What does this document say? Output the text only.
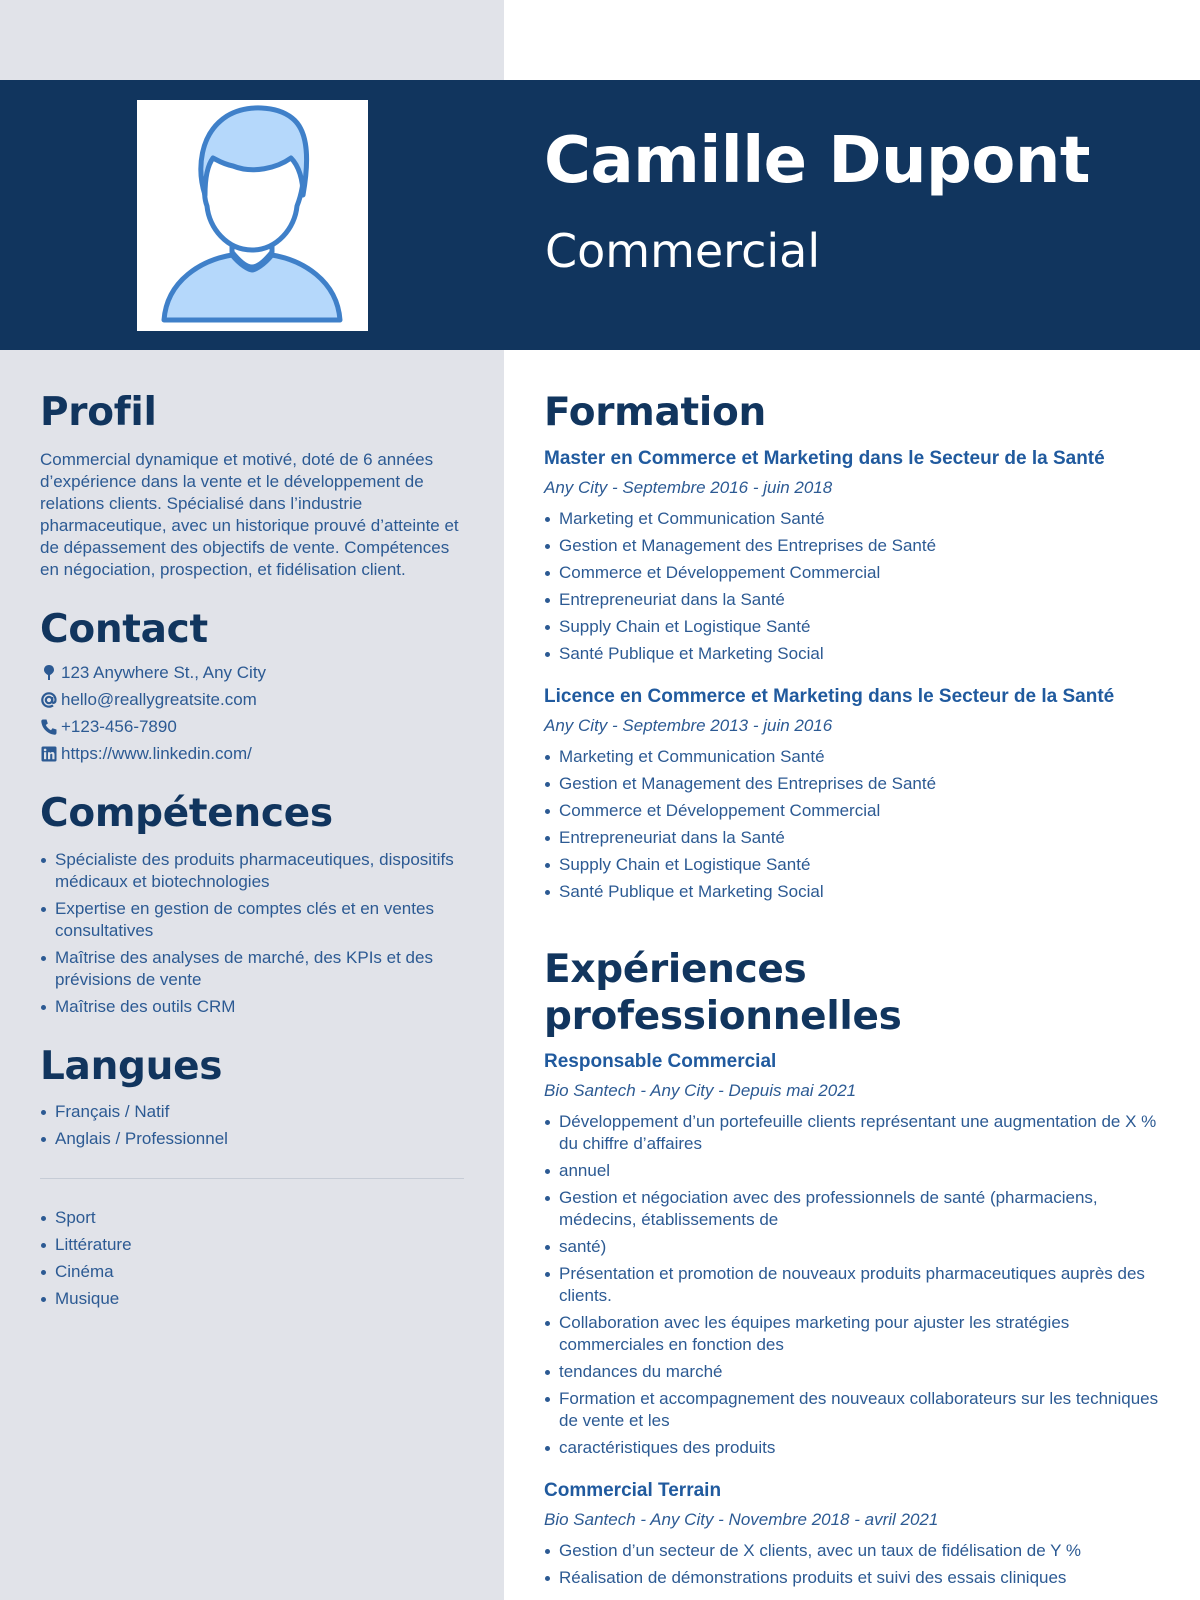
Camille Dupont
Commercial
Profil

Commercial dynamique et motivé, doté de 6 années d’expérience dans la vente et le développement de relations clients. Spécialisé dans l’industrie pharmaceutique, avec un historique prouvé d’atteinte et de dépassement des objectifs de vente. Compétences en négociation, prospection, et fidélisation client.

Contact
123 Anywhere St., Any City
hello@reallygreatsite.com
+123-456-7890
https://www.linkedin.com/
Compétences
Spécialiste des produits pharmaceutiques, dispositifs médicaux et biotechnologies
Expertise en gestion de comptes clés et en ventes consultatives
Maîtrise des analyses de marché, des KPIs et des prévisions de vente
Maîtrise des outils CRM
Langues
Français / Natif
Anglais / Professionnel
Sport
Littérature
Cinéma
Musique
Formation

Master en Commerce et Marketing dans le Secteur de la Santé

Any City - Septembre 2016 - juin 2018

Marketing et Communication Santé
Gestion et Management des Entreprises de Santé
Commerce et Développement Commercial
Entrepreneuriat dans la Santé
Supply Chain et Logistique Santé
Santé Publique et Marketing Social

Licence en Commerce et Marketing dans le Secteur de la Santé

Any City - Septembre 2013 - juin 2016

Marketing et Communication Santé
Gestion et Management des Entreprises de Santé
Commerce et Développement Commercial
Entrepreneuriat dans la Santé
Supply Chain et Logistique Santé
Santé Publique et Marketing Social
Expériences professionnelles

Responsable Commercial

Bio Santech - Any City - Depuis mai 2021

Développement d’un portefeuille clients représentant une augmentation de X % du chiffre d’affaires
annuel
Gestion et négociation avec des professionnels de santé (pharmaciens, médecins, établissements de
santé)
Présentation et promotion de nouveaux produits pharmaceutiques auprès des clients.
Collaboration avec les équipes marketing pour ajuster les stratégies commerciales en fonction des
tendances du marché
Formation et accompagnement des nouveaux collaborateurs sur les techniques de vente et les
caractéristiques des produits

Commercial Terrain

Bio Santech - Any City - Novembre 2018 - avril 2021

Gestion d’un secteur de X clients, avec un taux de fidélisation de Y %
Réalisation de démonstrations produits et suivi des essais cliniques
